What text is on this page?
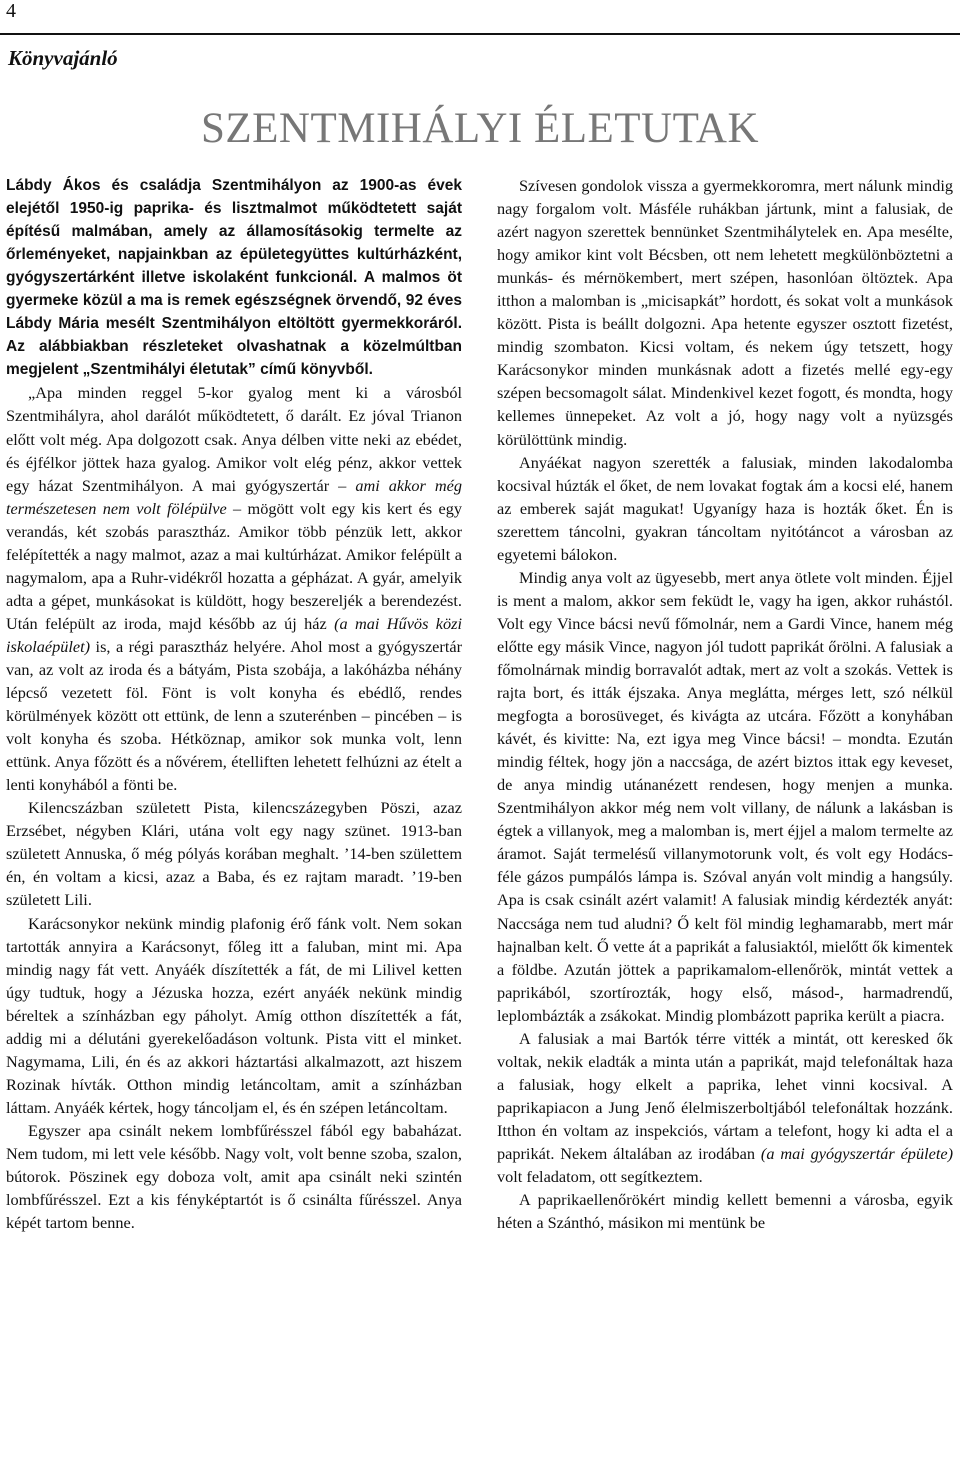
4
Könyvajánló
SZENTMIHÁLYI ÉLETUTAK

Lábdy Ákos és családja Szentmihályon az 1900-as évek elejétől 1950-ig paprika- és lisztmalmot működtetett saját építésű malmában, amely az államosításokig termelte az őrleményeket, napjainkban az épületegyüttes kultúrházként, gyógyszertárként illetve iskolaként funkcionál. A malmos öt gyermeke közül a ma is remek egészségnek örvendő, 92 éves Lábdy Mária mesélt Szentmihályon eltöltött gyermekkoráról. Az alábbiakban részleteket olvashatnak a közelmúltban megjelent „Szentmihályi életutak” című könyvből.

„Apa minden reggel 5-kor gyalog ment ki a városból Szentmihályra, ahol darálót működtetett, ő darált. Ez jóval Trianon előtt volt még. Apa dolgozott csak. Anya délben vitte neki az ebédet, és éjfélkor jöttek haza gyalog. Amikor volt elég pénz, akkor vettek egy házat Szentmihályon. A mai gyógyszertár – ami akkor még természetesen nem volt fölépülve – mögött volt egy kis kert és egy verandás, két szobás parasztház. Amikor több pénzük lett, akkor felépítették a nagy malmot, azaz a mai kultúrházat. Amikor felépült a nagymalom, apa a Ruhr-vidékről hozatta a gépházat. A gyár, amelyik adta a gépet, munkásokat is küldött, hogy beszereljék a berendezést. Után felépült az iroda, majd később az új ház (a mai Hűvös közi iskolaépület) is, a régi parasztház helyére. Ahol most a gyógyszertár van, az volt az iroda és a bátyám, Pista szobája, a lakóházba néhány lépcső vezetett föl. Fönt is volt konyha és ebédlő, rendes körülmények között ott ettünk, de lenn a szuterénben – pincében – is volt konyha és szoba. Hétköznap, amikor sok munka volt, lenn ettünk. Anya főzött és a nővérem, ételliften lehetett felhúzni az ételt a lenti konyhából a fönti be.

Kilencszázban született Pista, kilencszázegyben Pöszi, azaz Erzsébet, négyben Klári, utána volt egy nagy szünet. 1913-ban született Annuska, ő még pólyás korában meghalt. ’14-ben születtem én, én voltam a kicsi, azaz a Baba, és ez rajtam maradt. ’19-ben született Lili.

Karácsonykor nekünk mindig plafonig érő fánk volt. Nem sokan tartották annyira a Karácsonyt, főleg itt a faluban, mint mi. Apa mindig nagy fát vett. Anyáék díszítették a fát, de mi Lilivel ketten úgy tudtuk, hogy a Jézuska hozza, ezért anyáék nekünk mindig béreltek a színházban egy páholyt. Amíg otthon díszítették a fát, addig mi a délutáni gyerekelőadáson voltunk. Pista vitt el minket. Nagymama, Lili, én és az akkori háztartási alkalmazott, azt hiszem Rozinak hívták. Otthon mindig letáncoltam, amit a színházban láttam. Anyáék kértek, hogy táncoljam el, és én szépen letáncoltam.

Egyszer apa csinált nekem lombfűrésszel fából egy babaházat. Nem tudom, mi lett vele később. Nagy volt, volt benne szoba, szalon, bútorok. Pöszinek egy doboza volt, amit apa csinált neki szintén lombfűrésszel. Ezt a kis fényképtartót is ő csinálta fűrésszel. Anya képét tartom benne.

Szívesen gondolok vissza a gyermekkoromra, mert nálunk mindig nagy forgalom volt. Másféle ruhákban jártunk, mint a falusiak, de azért nagyon szerettek bennünket Szentmihálytelek en. Apa mesélte, hogy amikor kint volt Bécsben, ott nem lehetett megkülönböztetni a munkás- és mérnökembert, mert szépen, hasonlóan öltöztek. Apa itthon a malomban is „micisapkát” hordott, és sokat volt a munkások között. Pista is beállt dolgozni. Apa hetente egyszer osztott fizetést, mindig szombaton. Kicsi voltam, és nekem úgy tetszett, hogy Karácsonykor minden munkásnak adott a fizetés mellé egy-egy szépen becsomagolt sálat. Mindenkivel kezet fogott, és mondta, hogy kellemes ünnepeket. Az volt a jó, hogy nagy volt a nyüzsgés körülöttünk mindig.

Anyáékat nagyon szerették a falusiak, minden lakodalomba kocsival húzták el őket, de nem lovakat fogtak ám a kocsi elé, hanem az emberek saját magukat! Ugyanígy haza is hozták őket. Én is szerettem táncolni, gyakran táncoltam nyitótáncot a városban az egyetemi bálokon.

Mindig anya volt az ügyesebb, mert anya ötlete volt minden. Éjjel is ment a malom, akkor sem feküdt le, vagy ha igen, akkor ruhástól. Volt egy Vince bácsi nevű főmolnár, nem a Gardi Vince, hanem még előtte egy másik Vince, nagyon jól tudott paprikát őrölni. A falusiak a főmolnárnak mindig borravalót adtak, mert az volt a szokás. Vettek is rajta bort, és itták éjszaka. Anya meglátta, mérges lett, szó nélkül megfogta a borosüveget, és kivágta az utcára. Főzött a konyhában kávét, és kivitte: Na, ezt igya meg Vince bácsi! – mondta. Ezután mindig féltek, hogy jön a naccsága, de azért biztos ittak egy keveset, de anya mindig utánanézett rendesen, hogy menjen a munka. Szentmihályon akkor még nem volt villany, de nálunk a lakásban is égtek a villanyok, meg a malomban is, mert éjjel a malom termelte az áramot. Saját termelésű villanymotorunk volt, és volt egy Hodács-féle gázos pumpálós lámpa is. Szóval anyán volt mindig a hangsúly. Apa is csak csinált azért valamit! A falusiak mindig kérdezték anyát: Naccsága nem tud aludni? Ő kelt föl mindig leghamarabb, mert már hajnalban kelt. Ő vette át a paprikát a falusiaktól, mielőtt ők kimentek a földbe. Azután jöttek a paprikamalom-ellenőrök, mintát vettek a paprikából, szortírozták, hogy első, másod-, harmadrendű, leplombázták a zsákokat. Mindig plombázott paprika került a piacra.

A falusiak a mai Bartók térre vitték a mintát, ott keresked ők voltak, nekik eladták a minta után a paprikát, majd telefonáltak haza a falusiak, hogy elkelt a paprika, lehet vinni kocsival. A paprikapiacon a Jung Jenő élelmiszerboltjából telefonáltak hozzánk. Itthon én voltam az inspekciós, vártam a telefont, hogy ki adta el a paprikát. Nekem általában az irodában (a mai gyógyszertár épülete) volt feladatom, ott segítkeztem.

A paprikaellenőrökért mindig kellett bemenni a városba, egyik héten a Szánthó, másikon mi mentünk be
